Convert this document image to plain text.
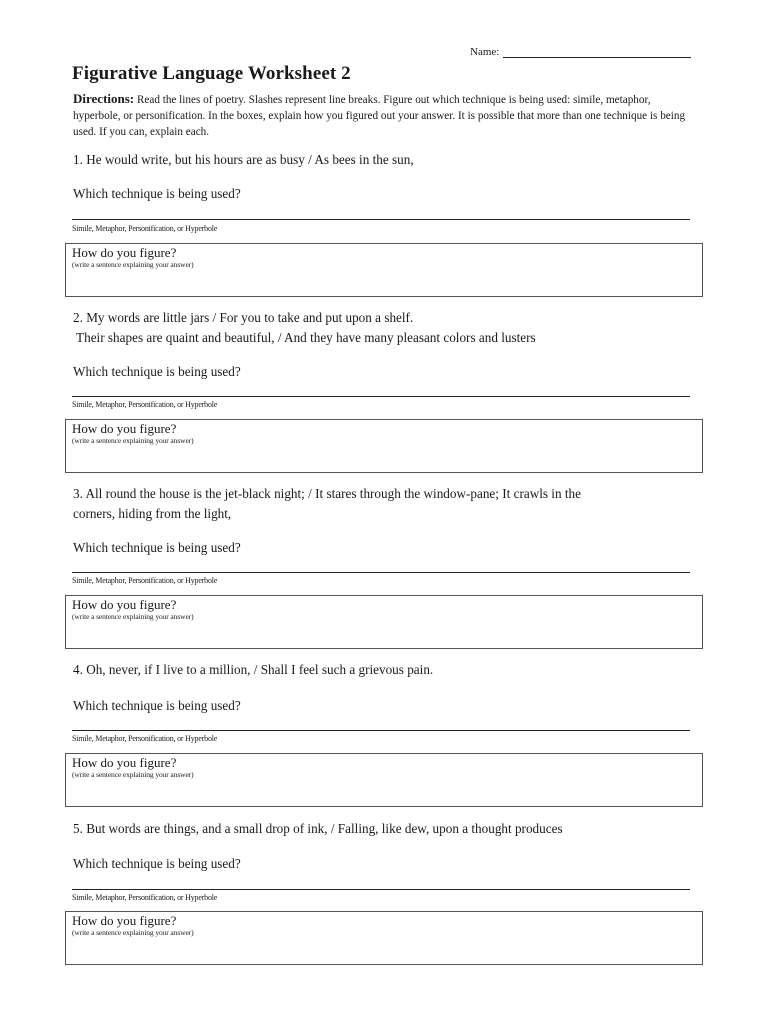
Name:
Figurative Language Worksheet 2

Directions: Read the lines of poetry. Slashes represent line breaks. Figure out which technique is being used: simile, metaphor, hyperbole, or personification. In the boxes, explain how you figured out your answer. It is possible that more than one technique is being used. If you can, explain each.

1. He would write, but his hours are as busy / As bees in the sun,

Which technique is being used?

Simile, Metaphor, Personification, or Hyperbole

How do you figure?
(write a sentence explaining your answer)

2. My words are little jars / For you to take and put upon a shelf.
Their shapes are quaint and beautiful, / And they have many pleasant colors and lusters

Which technique is being used?

Simile, Metaphor, Personification, or Hyperbole

How do you figure?
(write a sentence explaining your answer)

3. All round the house is the jet-black night; / It stares through the window-pane; It crawls in the
corners, hiding from the light,

Which technique is being used?

Simile, Metaphor, Personification, or Hyperbole

How do you figure?
(write a sentence explaining your answer)

4. Oh, never, if I live to a million, / Shall I feel such a grievous pain.

Which technique is being used?

Simile, Metaphor, Personification, or Hyperbole

How do you figure?
(write a sentence explaining your answer)

5. But words are things, and a small drop of ink, / Falling, like dew, upon a thought produces

Which technique is being used?

Simile, Metaphor, Personification, or Hyperbole

How do you figure?
(write a sentence explaining your answer)
